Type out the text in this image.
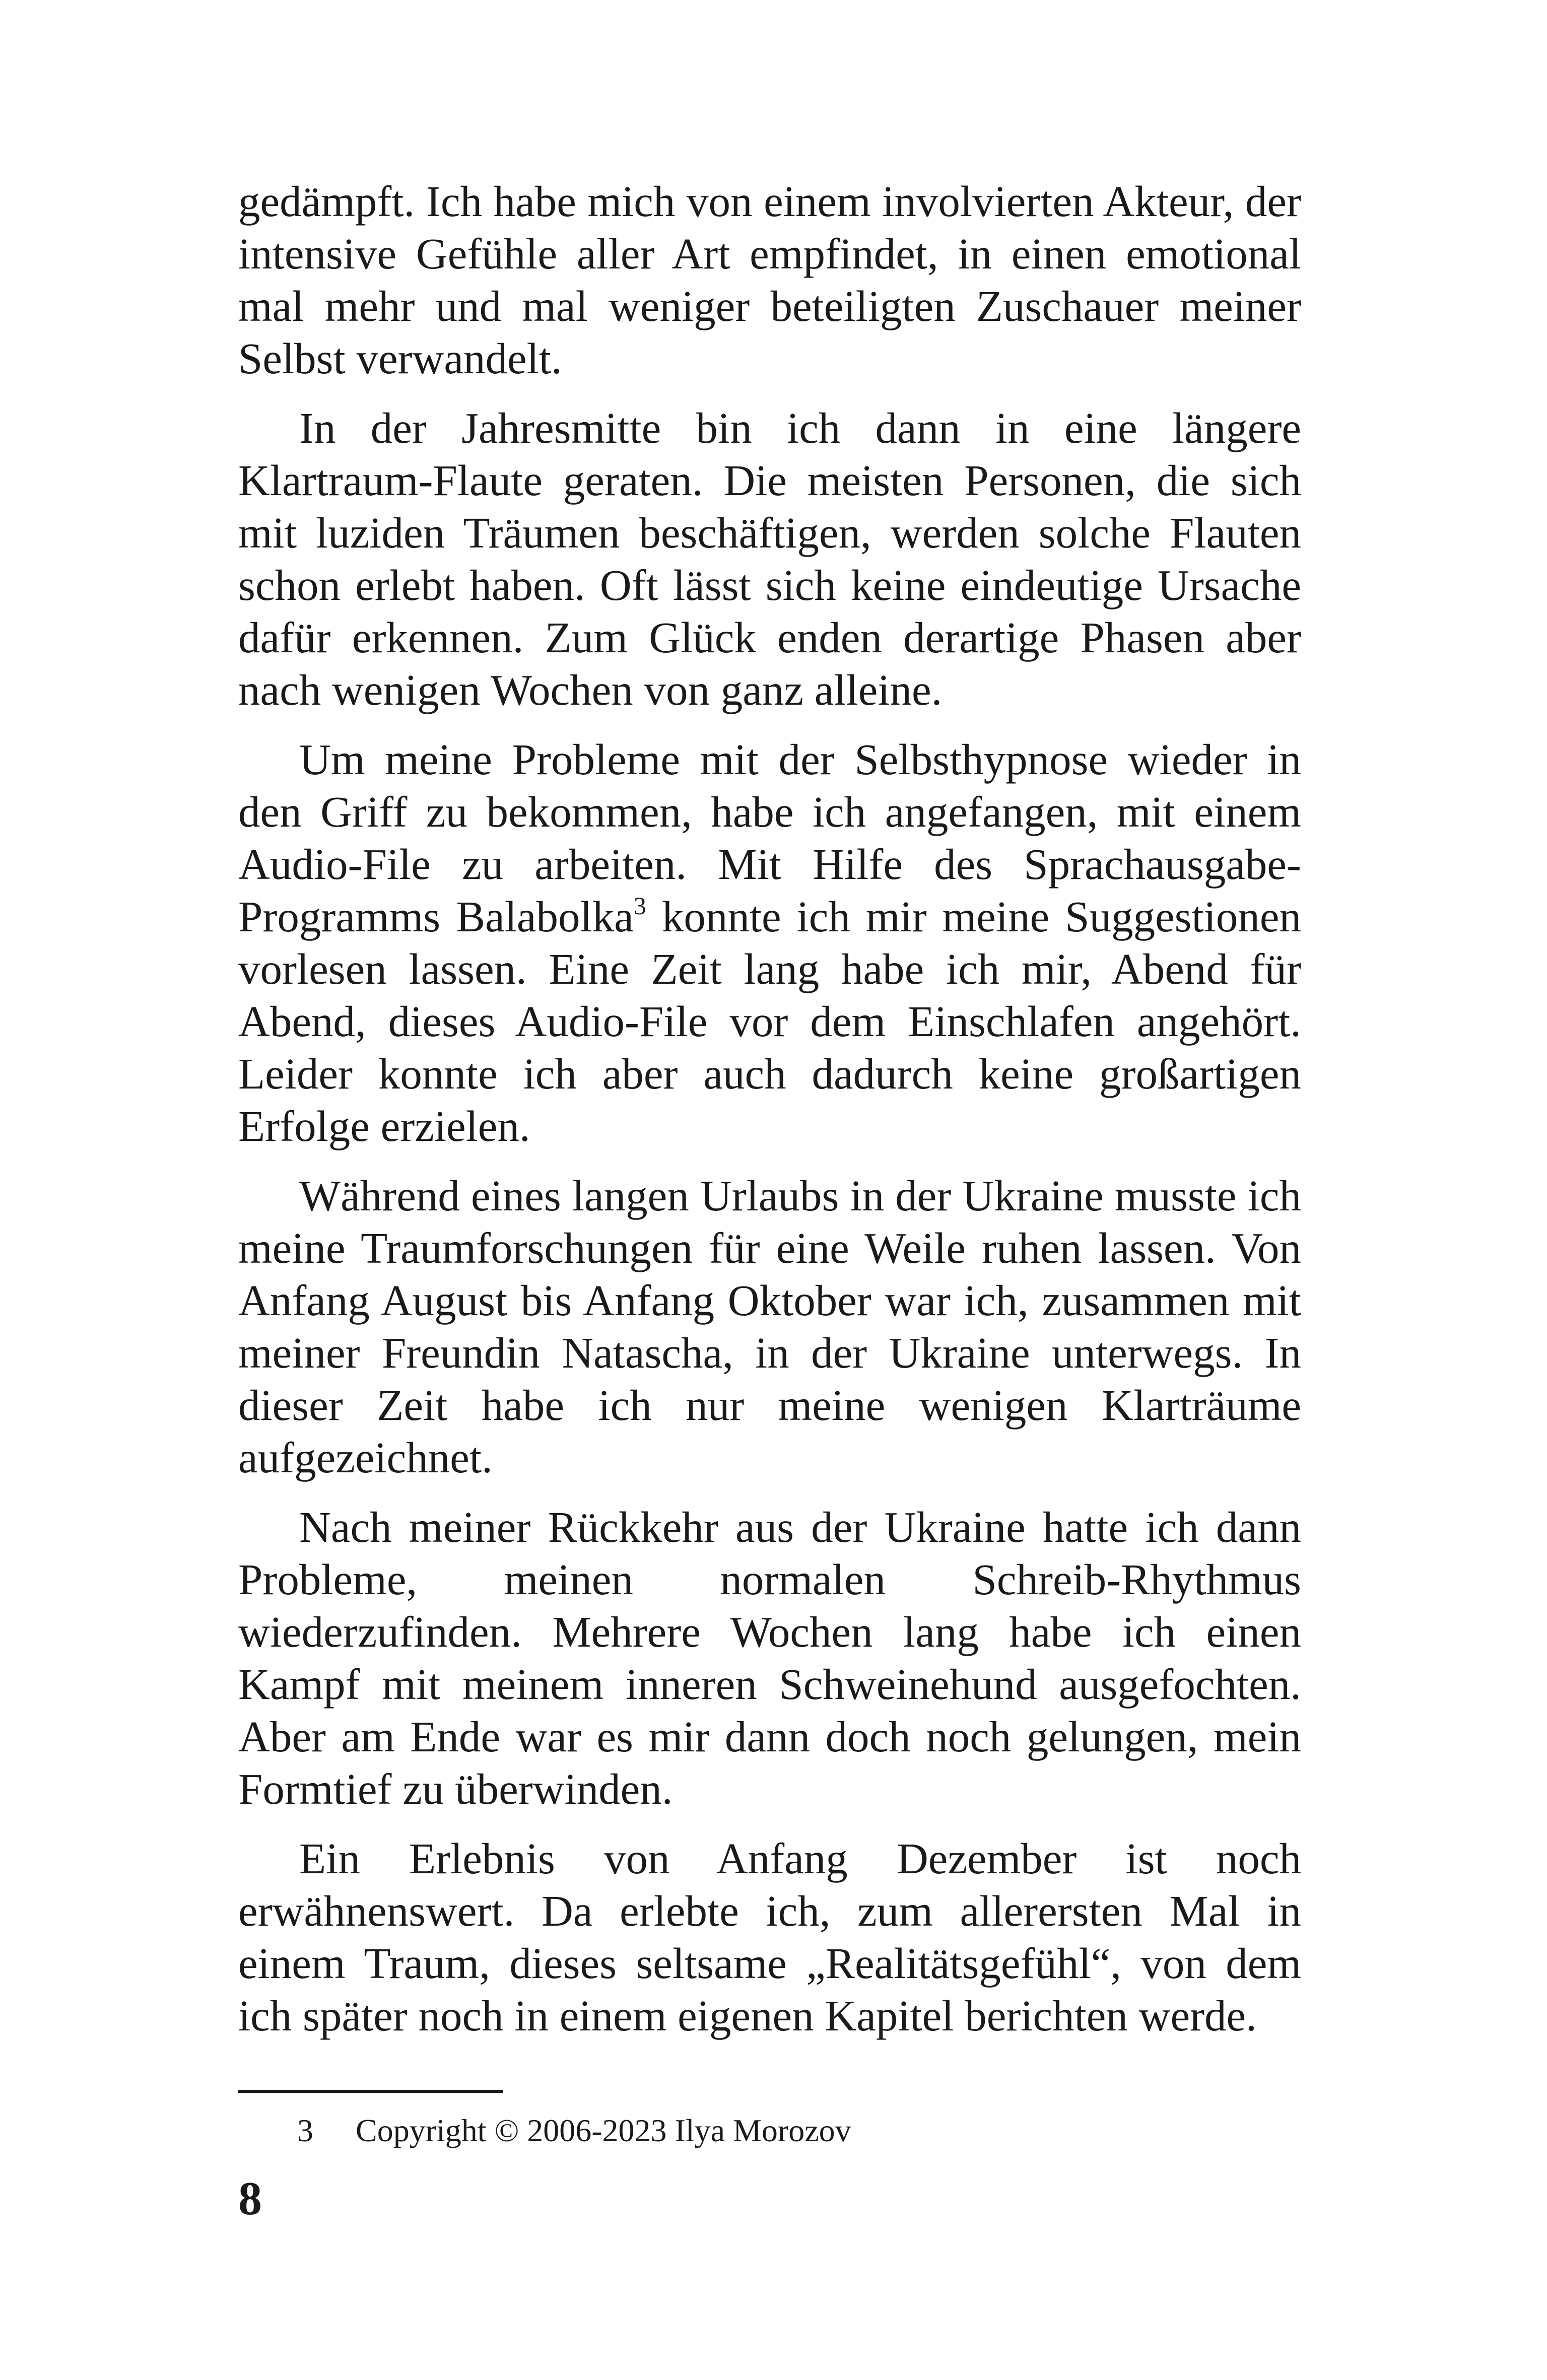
gedämpft. Ich habe mich von einem involvierten Akteur, der intensive Gefühle aller Art empfindet, in einen emotional mal mehr und mal weniger beteiligten Zuschauer meiner Selbst verwandelt.

In der Jahresmitte bin ich dann in eine längere Klartraum-Flaute geraten. Die meisten Personen, die sich mit luziden Träumen beschäftigen, werden solche Flauten schon erlebt haben. Oft lässt sich keine eindeutige Ursache dafür erkennen. Zum Glück enden derartige Phasen aber nach wenigen Wochen von ganz alleine.

Um meine Probleme mit der Selbsthypnose wieder in den Griff zu bekommen, habe ich angefangen, mit einem Audio-File zu arbeiten. Mit Hilfe des Sprachausgabe-Programms Balabolka$^3$ konnte ich mir meine Suggestionen vorlesen lassen. Eine Zeit lang habe ich mir, Abend für Abend, dieses Audio-File vor dem Einschlafen angehört. Leider konnte ich aber auch dadurch keine großartigen Erfolge erzielen.

Während eines langen Urlaubs in der Ukraine musste ich meine Traumforschungen für eine Weile ruhen lassen. Von Anfang August bis Anfang Oktober war ich, zusammen mit meiner Freundin Natascha, in der Ukraine unterwegs. In dieser Zeit habe ich nur meine wenigen Klarträume aufgezeichnet.

Nach meiner Rückkehr aus der Ukraine hatte ich dann Probleme, meinen normalen Schreib-Rhythmus wiederzufinden. Mehrere Wochen lang habe ich einen Kampf mit meinem inneren Schweinehund ausgefochten. Aber am Ende war es mir dann doch noch gelungen, mein Formtief zu überwinden.

Ein Erlebnis von Anfang Dezember ist noch erwähnenswert. Da erlebte ich, zum allerersten Mal in einem Traum, dieses seltsame „Realitätsgefühl“, von dem ich später noch in einem eigenen Kapitel berichten werde.

3 Copyright © 2006-2023 Ilya Morozov
8
